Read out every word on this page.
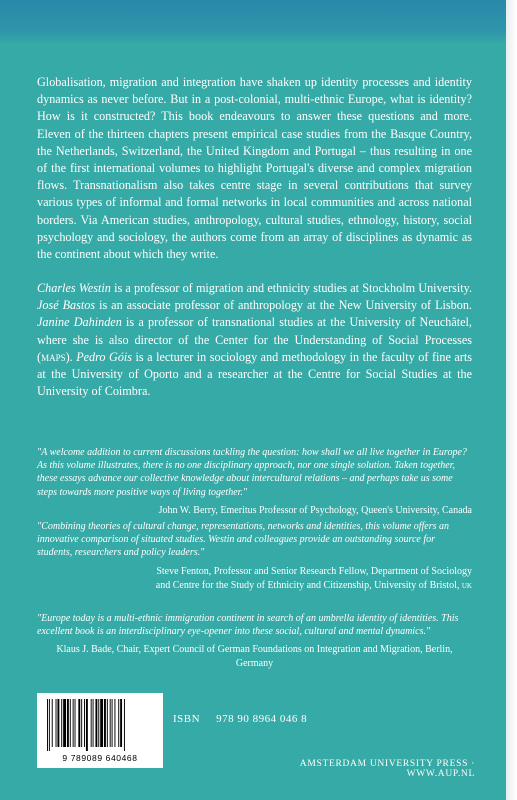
Globalisation, migration and integration have shaken up identity processes and identity dynamics as never before. But in a post-colonial, multi-ethnic Europe, what is identity? How is it constructed? This book endeavours to answer these questions and more. Eleven of the thirteen chapters present empirical case studies from the Basque Country, the Netherlands, Switzerland, the United Kingdom and Portugal – thus resulting in one of the first international volumes to highlight Portugal's diverse and complex migration flows. Transnationalism also takes centre stage in several contributions that survey various types of informal and formal networks in local communities and across national borders. Via American studies, anthropology, cultural studies, ethnology, history, social psychology and sociology, the authors come from an array of disciplines as dynamic as the continent about which they write.
Charles Westin is a professor of migration and ethnicity studies at Stockholm University. José Bastos is an associate professor of anthropology at the New University of Lisbon. Janine Dahinden is a professor of transnational studies at the University of Neuchâtel, where she is also director of the Center for the Understanding of Social Processes (maps). Pedro Góis is a lecturer in sociology and methodology in the faculty of fine arts at the University of Oporto and a researcher at the Centre for Social Studies at the University of Coimbra.
"A welcome addition to current discussions tackling the question: how shall we all live together in Europe? As this volume illustrates, there is no one disciplinary approach, nor one single solution. Taken together, these essays advance our collective knowledge about intercultural relations – and perhaps take us some steps towards more positive ways of living together."
John W. Berry, Emeritus Professor of Psychology, Queen's University, Canada
"Combining theories of cultural change, representations, networks and identities, this volume offers an innovative comparison of situated studies. Westin and colleagues provide an outstanding source for students, researchers and policy leaders."
Steve Fenton, Professor and Senior Research Fellow, Department of Sociology
and Centre for the Study of Ethnicity and Citizenship, University of Bristol, uk
"Europe today is a multi-ethnic immigration continent in search of an umbrella identity of identities. This excellent book is an interdisciplinary eye-opener into these social, cultural and mental dynamics."
Klaus J. Bade, Chair, Expert Council of German Foundations on Integration and Migration, Berlin, Germany
9 789089 640468
ISBN 978 90 8964 046 8
AMSTERDAM UNIVERSITY PRESS · WWW.AUP.NL
